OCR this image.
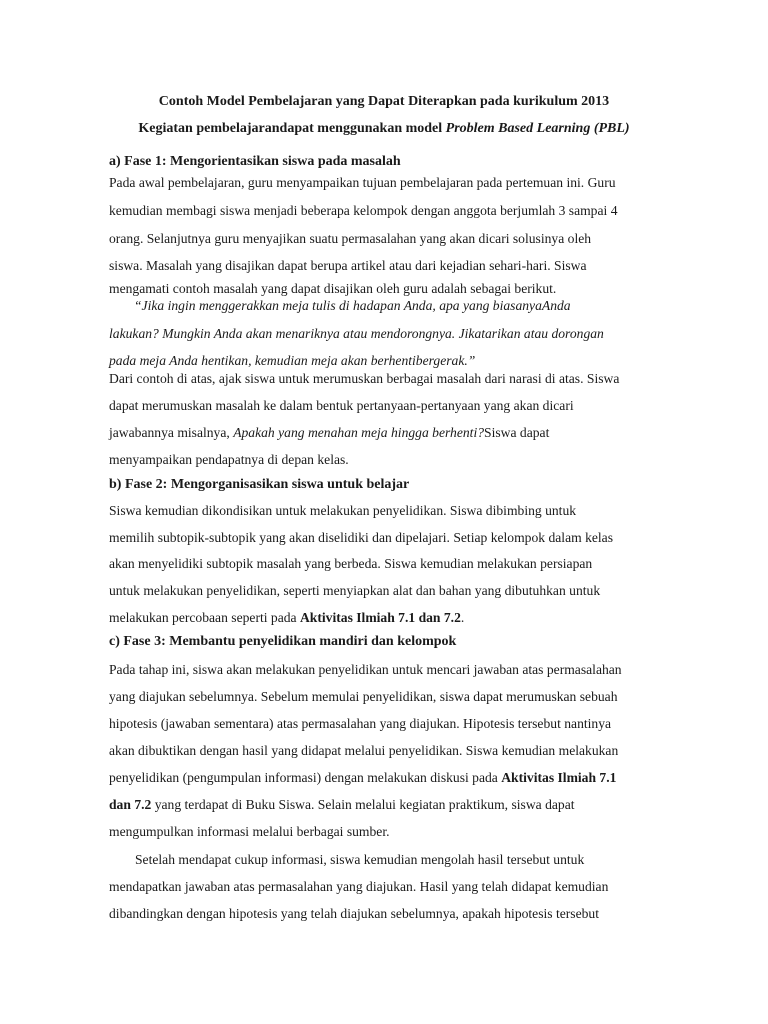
Contoh Model Pembelajaran yang Dapat Diterapkan pada kurikulum 2013
Kegiatan pembelajarandapat menggunakan model Problem Based Learning (PBL)
a) Fase 1: Mengorientasikan siswa pada masalah
Pada awal pembelajaran, guru menyampaikan tujuan pembelajaran pada pertemuan ini. Guru
kemudian membagi siswa menjadi beberapa kelompok dengan anggota berjumlah 3 sampai 4
orang. Selanjutnya guru menyajikan suatu permasalahan yang akan dicari solusinya oleh
siswa. Masalah yang disajikan dapat berupa artikel atau dari kejadian sehari-hari. Siswa
mengamati contoh masalah yang dapat disajikan oleh guru adalah sebagai berikut.
“Jika ingin menggerakkan meja tulis di hadapan Anda, apa yang biasanyaAnda
lakukan? Mungkin Anda akan menariknya atau mendorongnya. Jikatarikan atau dorongan
pada meja Anda hentikan, kemudian meja akan berhentibergerak.”
Dari contoh di atas, ajak siswa untuk merumuskan berbagai masalah dari narasi di atas. Siswa
dapat merumuskan masalah ke dalam bentuk pertanyaan-pertanyaan yang akan dicari
jawabannya misalnya, Apakah yang menahan meja hingga berhenti?Siswa dapat
menyampaikan pendapatnya di depan kelas.
b) Fase 2: Mengorganisasikan siswa untuk belajar
Siswa kemudian dikondisikan untuk melakukan penyelidikan. Siswa dibimbing untuk
memilih subtopik-subtopik yang akan diselidiki dan dipelajari. Setiap kelompok dalam kelas
akan menyelidiki subtopik masalah yang berbeda. Siswa kemudian melakukan persiapan
untuk melakukan penyelidikan, seperti menyiapkan alat dan bahan yang dibutuhkan untuk
melakukan percobaan seperti pada Aktivitas Ilmiah 7.1 dan 7.2.
c) Fase 3: Membantu penyelidikan mandiri dan kelompok
Pada tahap ini, siswa akan melakukan penyelidikan untuk mencari jawaban atas permasalahan
yang diajukan sebelumnya. Sebelum memulai penyelidikan, siswa dapat merumuskan sebuah
hipotesis (jawaban sementara) atas permasalahan yang diajukan. Hipotesis tersebut nantinya
akan dibuktikan dengan hasil yang didapat melalui penyelidikan. Siswa kemudian melakukan
penyelidikan (pengumpulan informasi) dengan melakukan diskusi pada Aktivitas Ilmiah 7.1
dan 7.2 yang terdapat di Buku Siswa. Selain melalui kegiatan praktikum, siswa dapat
mengumpulkan informasi melalui berbagai sumber.
Setelah mendapat cukup informasi, siswa kemudian mengolah hasil tersebut untuk
mendapatkan jawaban atas permasalahan yang diajukan. Hasil yang telah didapat kemudian
dibandingkan dengan hipotesis yang telah diajukan sebelumnya, apakah hipotesis tersebut
